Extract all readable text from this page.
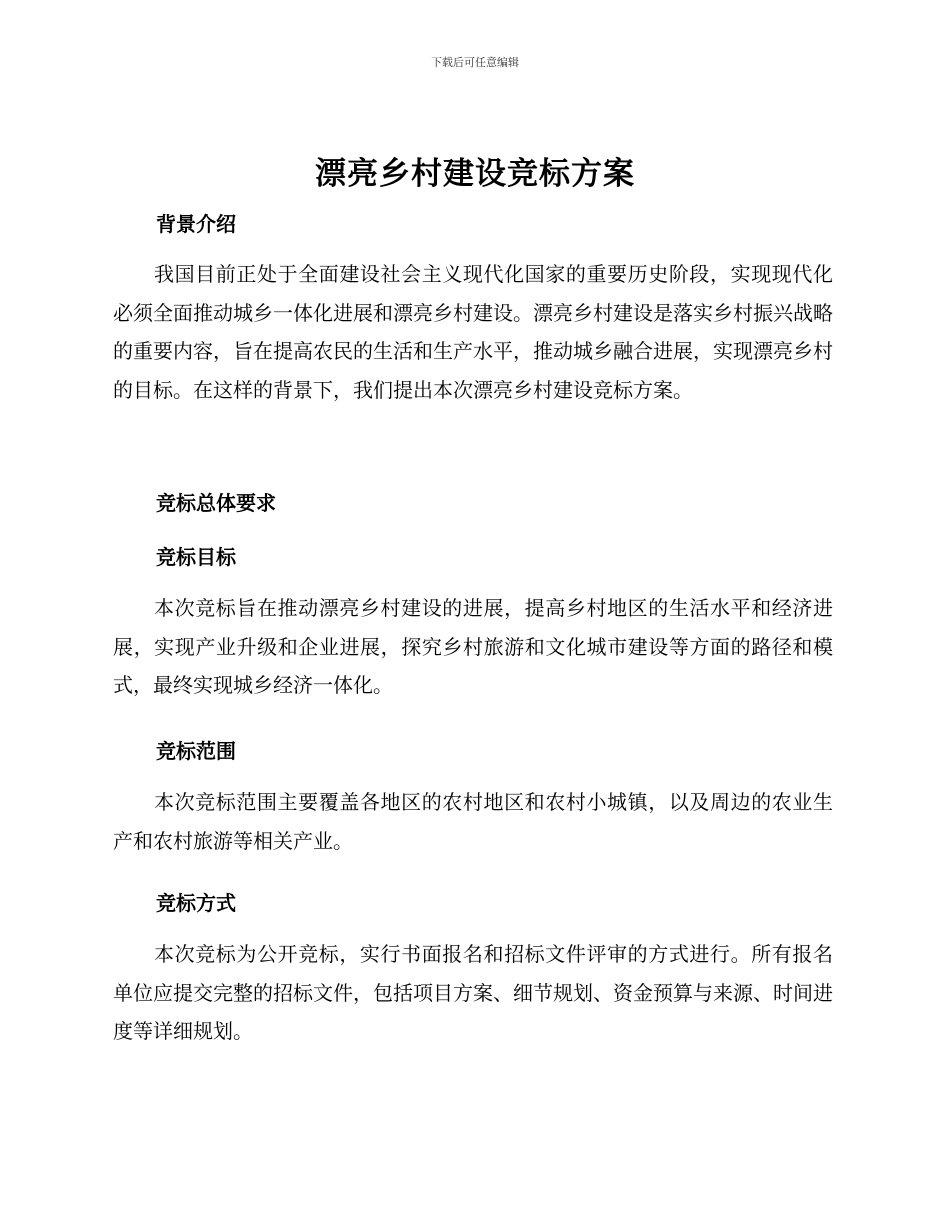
下载后可任意编辑
漂亮乡村建设竞标方案
背景介绍
我国目前正处于全面建设社会主义现代化国家的重要历史阶段，实现现代化必须全面推动城乡一体化进展和漂亮乡村建设。漂亮乡村建设是落实乡村振兴战略的重要内容，旨在提高农民的生活和生产水平，推动城乡融合进展，实现漂亮乡村的目标。在这样的背景下，我们提出本次漂亮乡村建设竞标方案。
竞标总体要求
竞标目标
本次竞标旨在推动漂亮乡村建设的进展，提高乡村地区的生活水平和经济进展，实现产业升级和企业进展，探究乡村旅游和文化城市建设等方面的路径和模式，最终实现城乡经济一体化。
竞标范围
本次竞标范围主要覆盖各地区的农村地区和农村小城镇，以及周边的农业生产和农村旅游等相关产业。
竞标方式
本次竞标为公开竞标，实行书面报名和招标文件评审的方式进行。所有报名单位应提交完整的招标文件，包括项目方案、细节规划、资金预算与来源、时间进度等详细规划。
